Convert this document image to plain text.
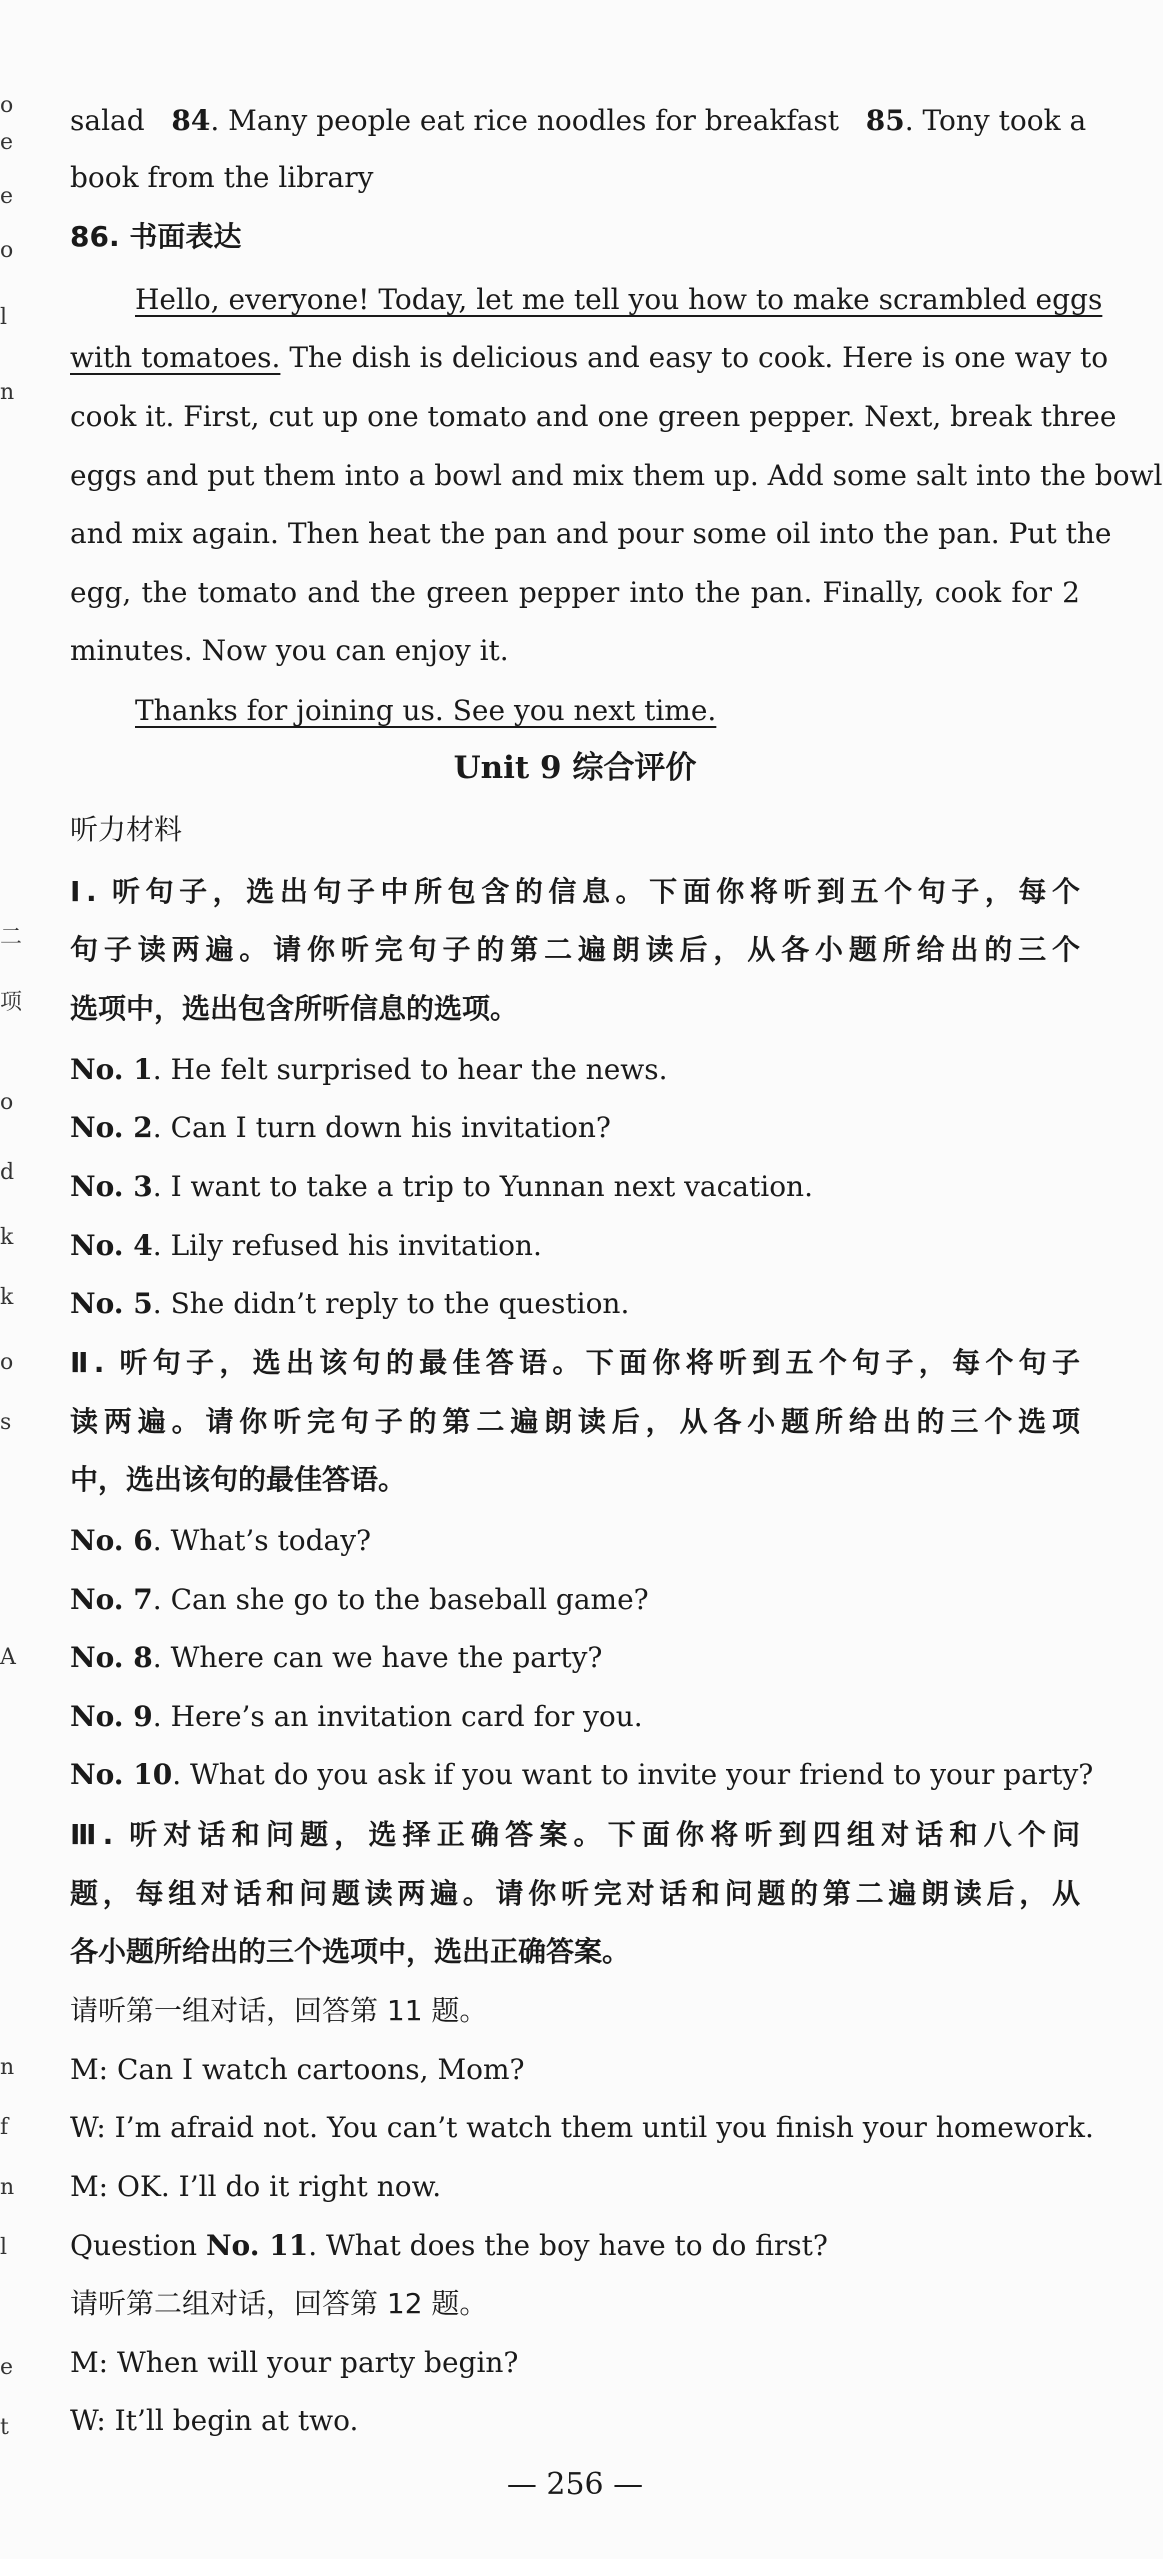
o
e
e
o
l
n
二
项
o
d
k
k
o
s
A
n
f
n
l
e
t
salad 84. Many people eat rice noodles for breakfast 85. Tony took a
book from the library
86. 书面表达
Hello, everyone! Today, let me tell you how to make scrambled eggs
with tomatoes. The dish is delicious and easy to cook. Here is one way to
cook it. First, cut up one tomato and one green pepper. Next, break three
eggs and put them into a bowl and mix them up. Add some salt into the bowl
and mix again. Then heat the pan and pour some oil into the pan. Put the
egg, the tomato and the green pepper into the pan. Finally, cook for 2
minutes. Now you can enjoy it.
Thanks for joining us. See you next time.
Unit 9 综合评价
听力材料
Ⅰ. 听句子，选出句子中所包含的信息。下面你将听到五个句子，每个
句子读两遍。请你听完句子的第二遍朗读后，从各小题所给出的三个
选项中，选出包含所听信息的选项。
No. 1. He felt surprised to hear the news.
No. 2. Can I turn down his invitation?
No. 3. I want to take a trip to Yunnan next vacation.
No. 4. Lily refused his invitation.
No. 5. She didn’t reply to the question.
Ⅱ. 听句子，选出该句的最佳答语。下面你将听到五个句子，每个句子
读两遍。请你听完句子的第二遍朗读后，从各小题所给出的三个选项
中，选出该句的最佳答语。
No. 6. What’s today?
No. 7. Can she go to the baseball game?
No. 8. Where can we have the party?
No. 9. Here’s an invitation card for you.
No. 10. What do you ask if you want to invite your friend to your party?
Ⅲ. 听对话和问题，选择正确答案。下面你将听到四组对话和八个问
题，每组对话和问题读两遍。请你听完对话和问题的第二遍朗读后，从
各小题所给出的三个选项中，选出正确答案。
请听第一组对话，回答第 11 题。
M: Can I watch cartoons, Mom?
W: I’m afraid not. You can’t watch them until you finish your homework.
M: OK. I’ll do it right now.
Question No. 11. What does the boy have to do first?
请听第二组对话，回答第 12 题。
M: When will your party begin?
W: It’ll begin at two.
— 256 —
